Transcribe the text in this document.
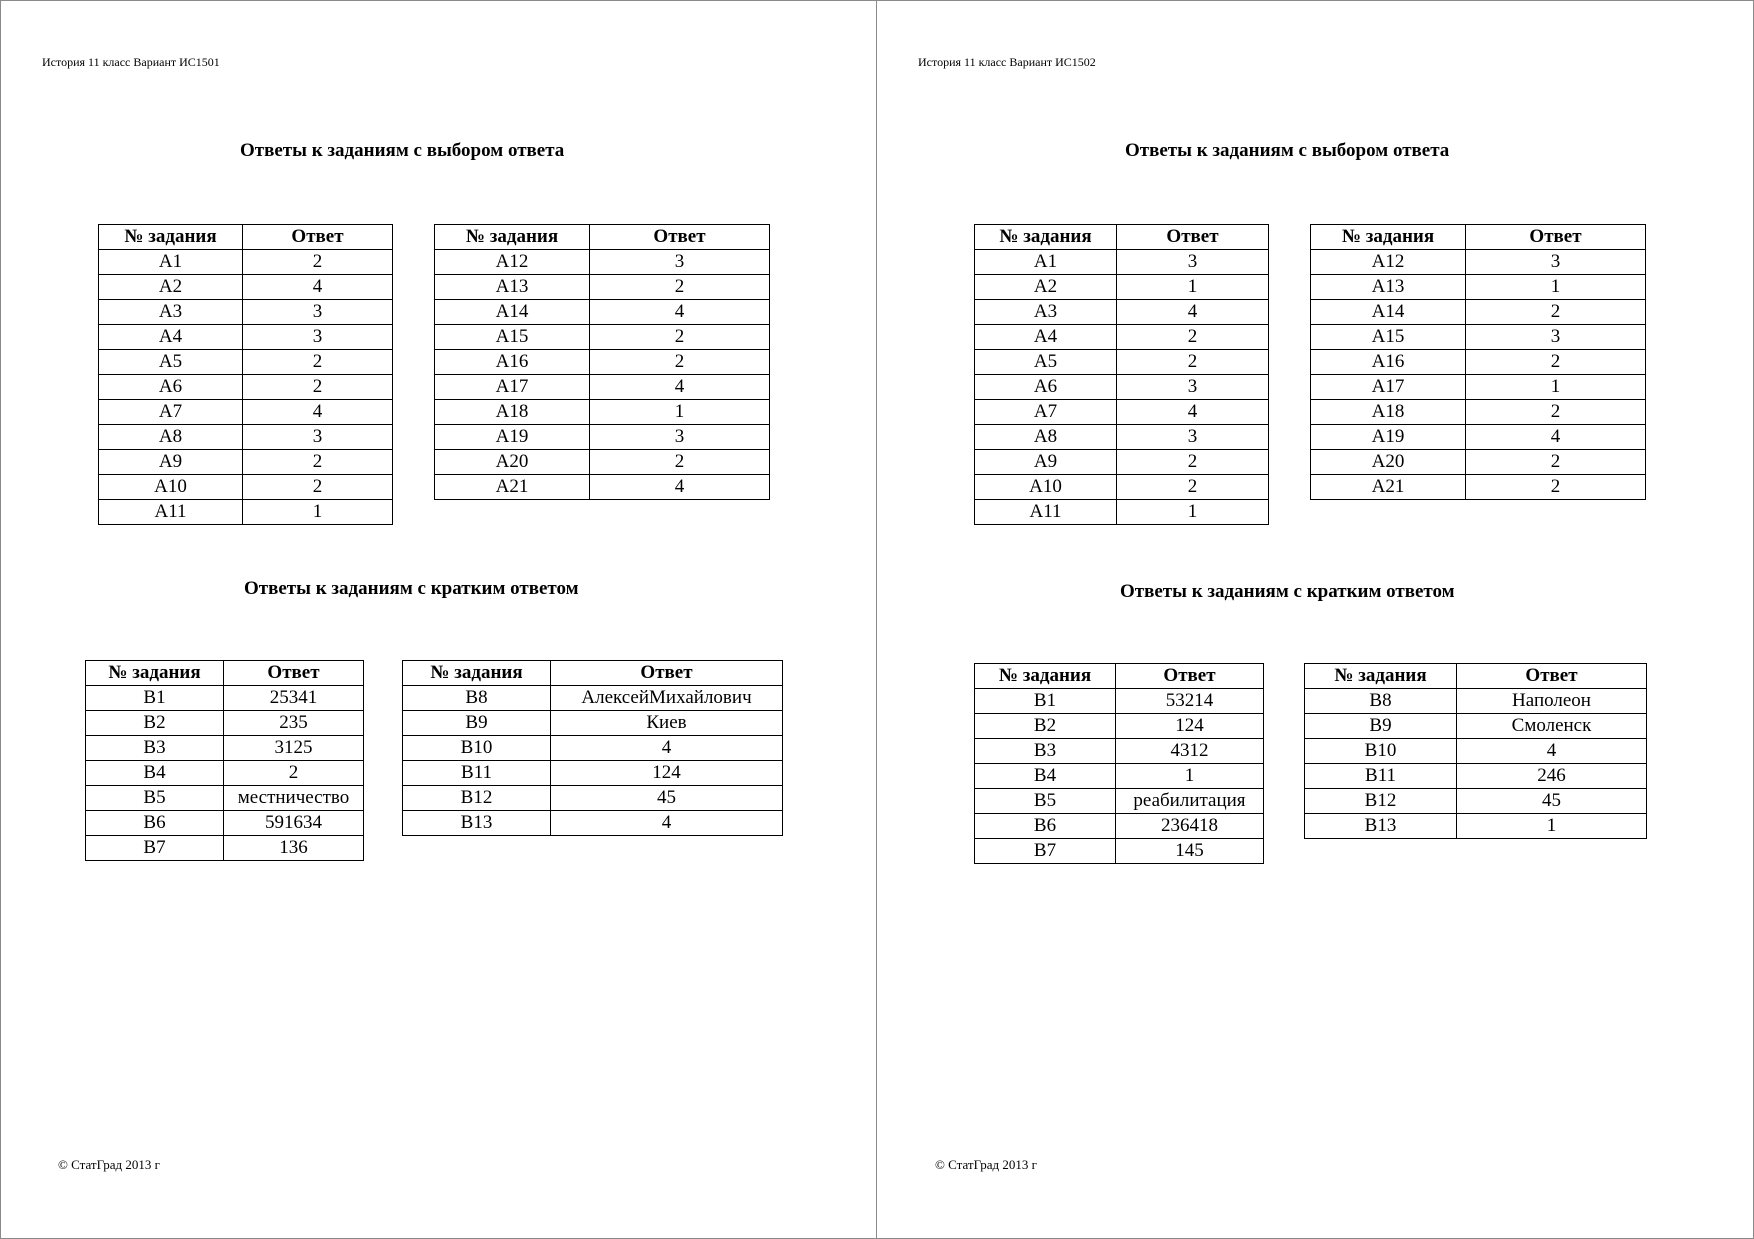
История 11 класс Вариант ИС1501
Ответы к заданиям с выбором ответа
№ задания	Ответ
А1	2
А2	4
А3	3
А4	3
А5	2
А6	2
А7	4
А8	3
А9	2
А10	2
А11	1
№ задания	Ответ
А12	3
А13	2
А14	4
А15	2
А16	2
А17	4
А18	1
А19	3
А20	2
А21	4
Ответы к заданиям с кратким ответом
№ задания	Ответ
В1	25341
В2	235
В3	3125
В4	2
В5	местничество
В6	591634
В7	136
№ задания	Ответ
В8	АлексейМихайлович
В9	Киев
В10	4
В11	124
В12	45
В13	4
© СтатГрад 2013 г
История 11 класс Вариант ИС1502
Ответы к заданиям с выбором ответа
№ задания	Ответ
А1	3
А2	1
А3	4
А4	2
А5	2
А6	3
А7	4
А8	3
А9	2
А10	2
А11	1
№ задания	Ответ
А12	3
А13	1
А14	2
А15	3
А16	2
А17	1
А18	2
А19	4
А20	2
А21	2
Ответы к заданиям с кратким ответом
№ задания	Ответ
В1	53214
В2	124
В3	4312
В4	1
В5	реабилитация
В6	236418
В7	145
№ задания	Ответ
В8	Наполеон
В9	Смоленск
В10	4
В11	246
В12	45
В13	1
© СтатГрад 2013 г
